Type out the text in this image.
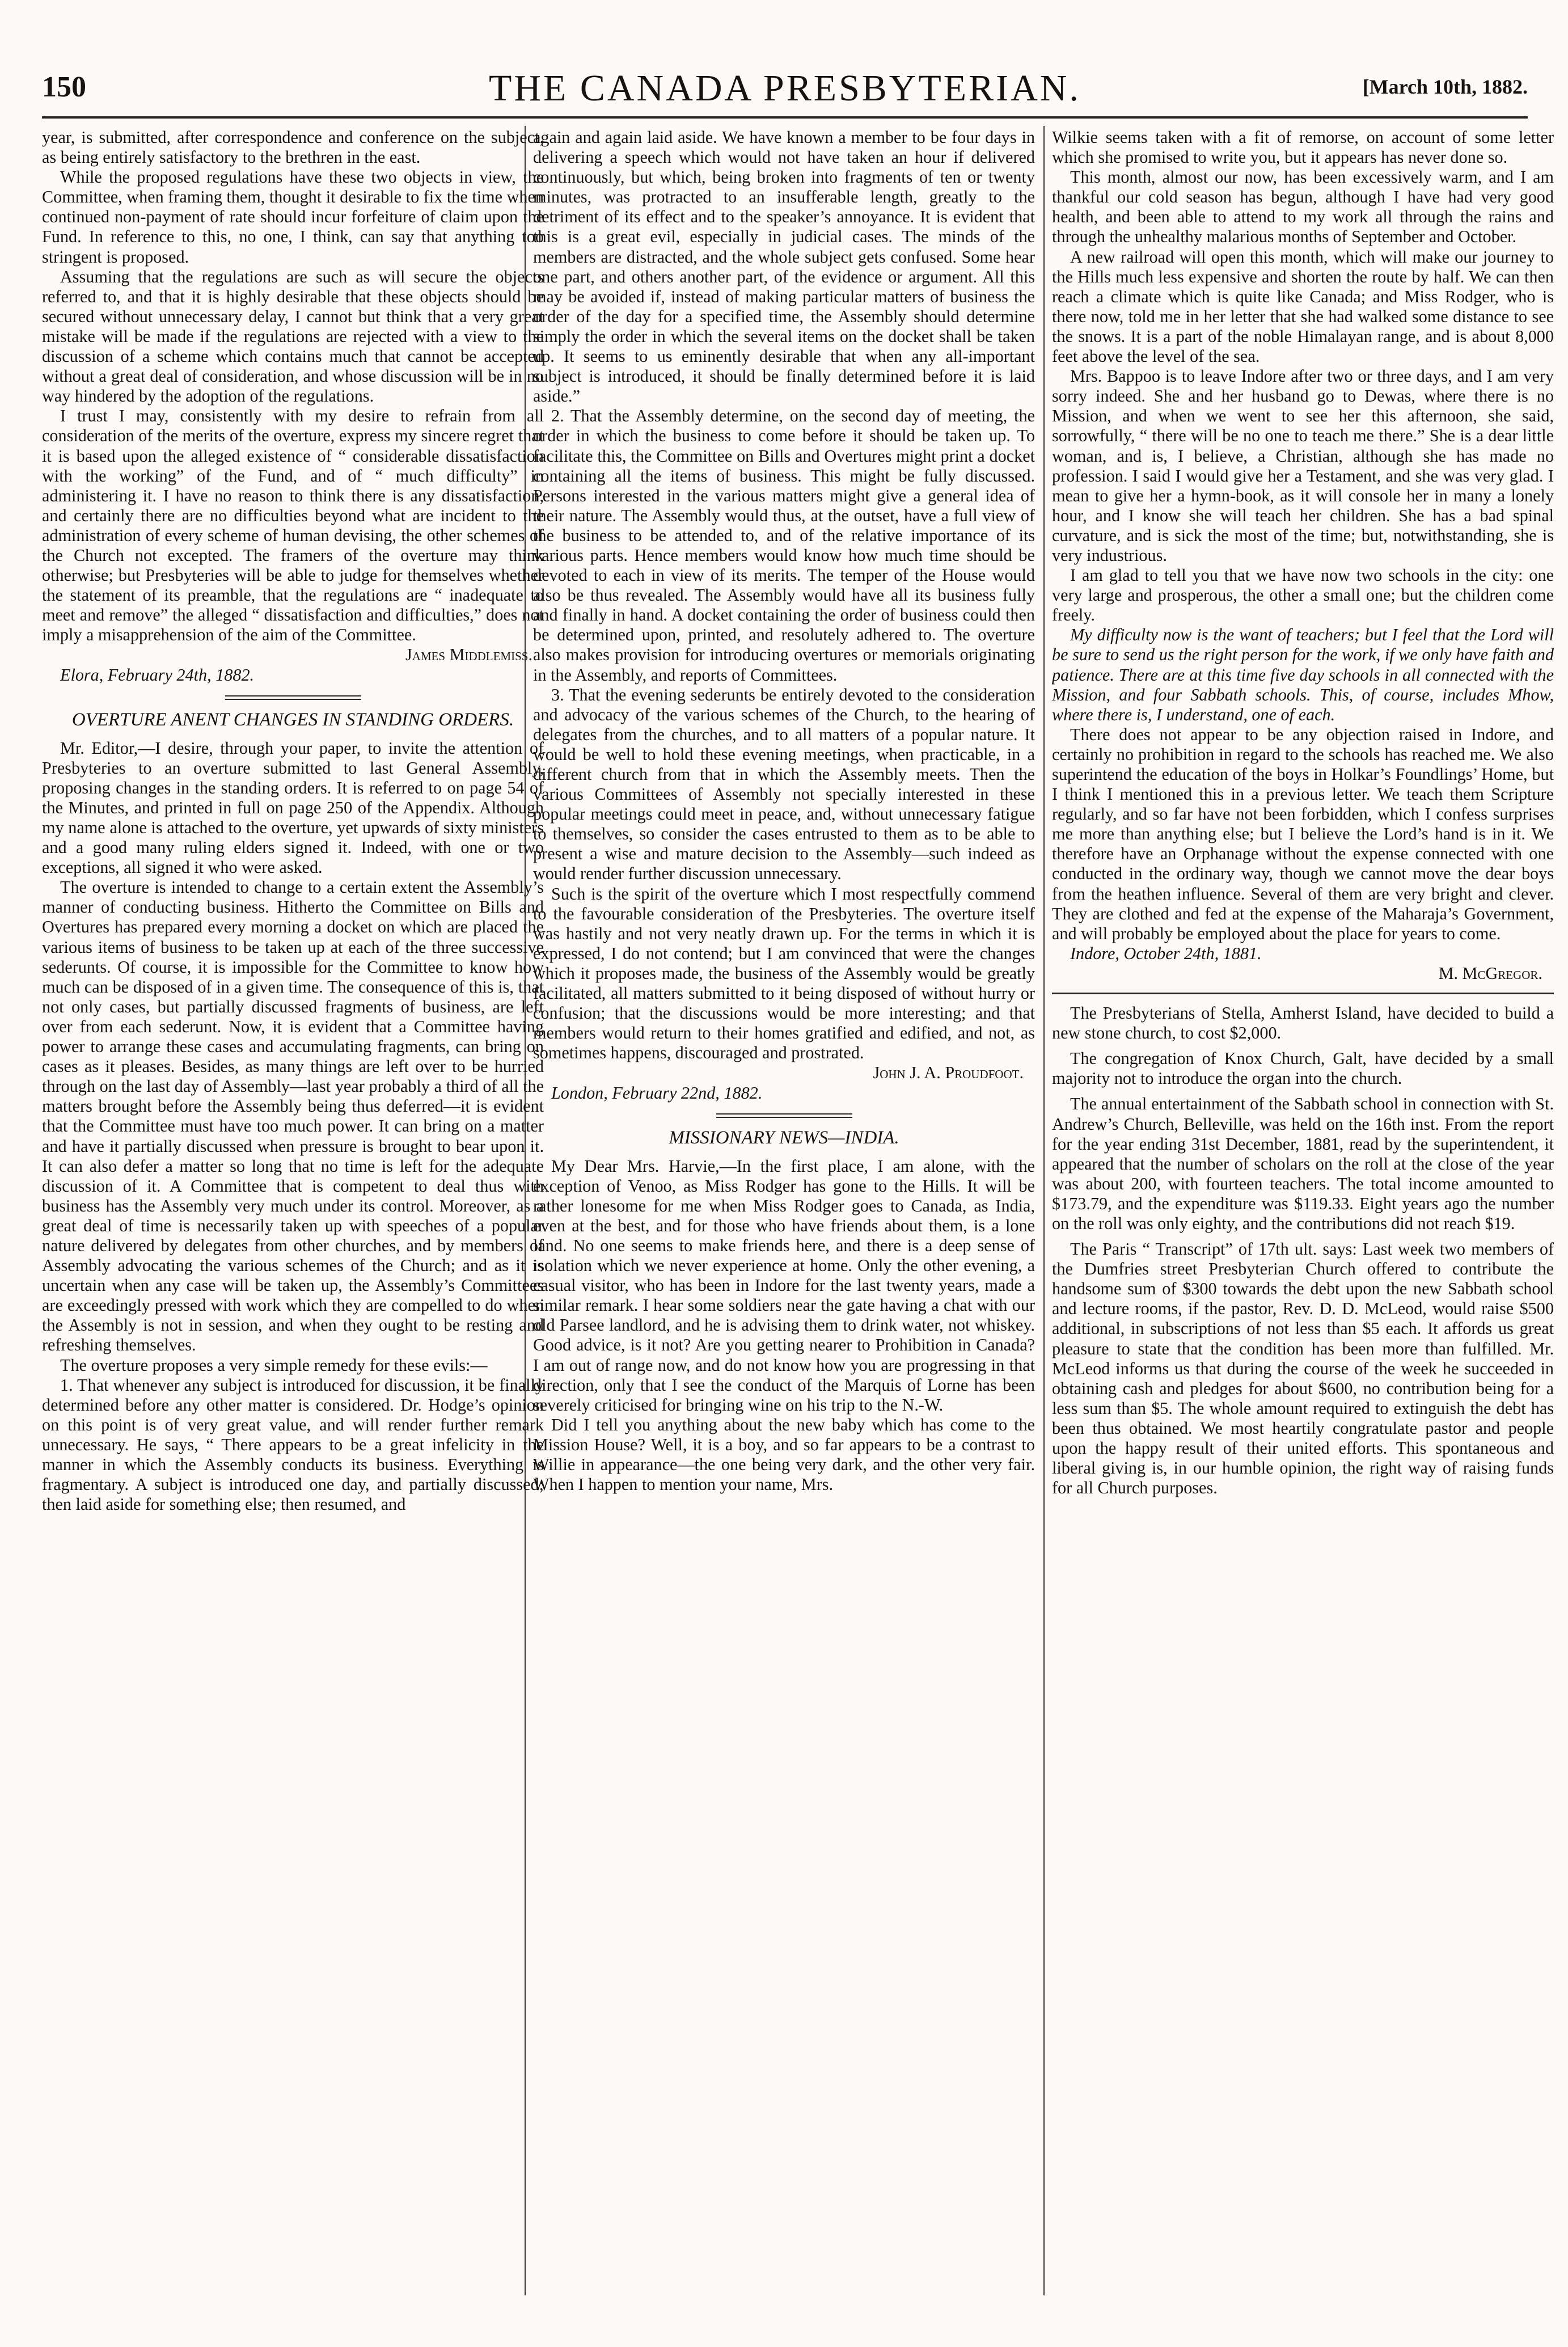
150	THE CANADA PRESBYTERIAN.	[March 10th, 1882.

year, is submitted, after correspondence and conference on the subject, as being entirely satisfactory to the brethren in the east.

While the proposed regulations have these two objects in view, the Committee, when framing them, thought it desirable to fix the time when continued non-payment of rate should incur forfeiture of claim upon the Fund. In reference to this, no one, I think, can say that anything too stringent is proposed.

Assuming that the regulations are such as will secure the objects referred to, and that it is highly desirable that these objects should be secured without unnecessary delay, I cannot but think that a very great mistake will be made if the regulations are rejected with a view to the discussion of a scheme which contains much that cannot be accepted without a great deal of consideration, and whose discussion will be in no way hindered by the adoption of the regulations.

I trust I may, consistently with my desire to refrain from all consideration of the merits of the overture, express my sincere regret that it is based upon the alleged existence of “ considerable dissatisfaction with the working” of the Fund, and of “ much difficulty” in administering it. I have no reason to think there is any dissatisfaction, and certainly there are no difficulties beyond what are incident to the administration of every scheme of human devising, the other schemes of the Church not excepted. The framers of the overture may think otherwise; but Presbyteries will be able to judge for themselves whether the statement of its preamble, that the regulations are “ inadequate to meet and remove” the alleged “ dissatisfaction and difficulties,” does not imply a misapprehension of the aim of the Committee.

James Middlemiss.

Elora, February 24th, 1882.

OVERTURE ANENT CHANGES IN STANDING ORDERS.

Mr. Editor,—I desire, through your paper, to invite the attention of Presbyteries to an overture submitted to last General Assembly, proposing changes in the standing orders. It is referred to on page 54 of the Minutes, and printed in full on page 250 of the Appendix. Although my name alone is attached to the overture, yet upwards of sixty ministers and a good many ruling elders signed it. Indeed, with one or two exceptions, all signed it who were asked.

The overture is intended to change to a certain extent the Assembly’s manner of conducting business. Hitherto the Committee on Bills and Overtures has prepared every morning a docket on which are placed the various items of business to be taken up at each of the three successive sederunts. Of course, it is impossible for the Committee to know how much can be disposed of in a given time. The consequence of this is, that not only cases, but partially discussed fragments of business, are left over from each sederunt. Now, it is evident that a Committee having power to arrange these cases and accumulating fragments, can bring on cases as it pleases. Besides, as many things are left over to be hurried through on the last day of Assembly—last year probably a third of all the matters brought before the Assembly being thus deferred—it is evident that the Committee must have too much power. It can bring on a matter and have it partially discussed when pressure is brought to bear upon it. It can also defer a matter so long that no time is left for the adequate discussion of it. A Committee that is competent to deal thus with business has the Assembly very much under its control. Moreover, as a great deal of time is necessarily taken up with speeches of a popular nature delivered by delegates from other churches, and by members of Assembly advocating the various schemes of the Church; and as it is uncertain when any case will be taken up, the Assembly’s Committees are exceedingly pressed with work which they are compelled to do when the Assembly is not in session, and when they ought to be resting and refreshing themselves.

The overture proposes a very simple remedy for these evils:—

1. That whenever any subject is introduced for discussion, it be finally determined before any other matter is considered. Dr. Hodge’s opinion on this point is of very great value, and will render further remark unnecessary. He says, “ There appears to be a great infelicity in the manner in which the Assembly conducts its business. Everything is fragmentary. A subject is introduced one day, and partially discussed; then laid aside for something else; then resumed, and

again and again laid aside. We have known a member to be four days in delivering a speech which would not have taken an hour if delivered continuously, but which, being broken into fragments of ten or twenty minutes, was protracted to an insufferable length, greatly to the detriment of its effect and to the speaker’s annoyance. It is evident that this is a great evil, especially in judicial cases. The minds of the members are distracted, and the whole subject gets confused. Some hear one part, and others another part, of the evidence or argument. All this may be avoided if, instead of making particular matters of business the order of the day for a specified time, the Assembly should determine simply the order in which the several items on the docket shall be taken up. It seems to us eminently desirable that when any all-important subject is introduced, it should be finally determined before it is laid aside.”

2. That the Assembly determine, on the second day of meeting, the order in which the business to come before it should be taken up. To facilitate this, the Committee on Bills and Overtures might print a docket containing all the items of business. This might be fully discussed. Persons interested in the various matters might give a general idea of their nature. The Assembly would thus, at the outset, have a full view of the business to be attended to, and of the relative importance of its various parts. Hence members would know how much time should be devoted to each in view of its merits. The temper of the House would also be thus revealed. The Assembly would have all its business fully and finally in hand. A docket containing the order of business could then be determined upon, printed, and resolutely adhered to. The overture also makes provision for introducing overtures or memorials originating in the Assembly, and reports of Committees.

3. That the evening sederunts be entirely devoted to the consideration and advocacy of the various schemes of the Church, to the hearing of delegates from the churches, and to all matters of a popular nature. It would be well to hold these evening meetings, when practicable, in a different church from that in which the Assembly meets. Then the various Committees of Assembly not specially interested in these popular meetings could meet in peace, and, without unnecessary fatigue to themselves, so consider the cases entrusted to them as to be able to present a wise and mature decision to the Assembly—such indeed as would render further discussion unnecessary.

Such is the spirit of the overture which I most respectfully commend to the favourable consideration of the Presbyteries. The overture itself was hastily and not very neatly drawn up. For the terms in which it is expressed, I do not contend; but I am convinced that were the changes which it proposes made, the business of the Assembly would be greatly facilitated, all matters submitted to it being disposed of without hurry or confusion; that the discussions would be more interesting; and that members would return to their homes gratified and edified, and not, as sometimes happens, discouraged and prostrated.

John J. A. Proudfoot.

London, February 22nd, 1882.

MISSIONARY NEWS—INDIA.

My Dear Mrs. Harvie,—In the first place, I am alone, with the exception of Venoo, as Miss Rodger has gone to the Hills. It will be rather lonesome for me when Miss Rodger goes to Canada, as India, even at the best, and for those who have friends about them, is a lone land. No one seems to make friends here, and there is a deep sense of isolation which we never experience at home. Only the other evening, a casual visitor, who has been in Indore for the last twenty years, made a similar remark. I hear some soldiers near the gate having a chat with our old Parsee landlord, and he is advising them to drink water, not whiskey. Good advice, is it not? Are you getting nearer to Prohibition in Canada? I am out of range now, and do not know how you are progressing in that direction, only that I see the conduct of the Marquis of Lorne has been severely criticised for bringing wine on his trip to the N.-W.

Did I tell you anything about the new baby which has come to the Mission House? Well, it is a boy, and so far appears to be a contrast to Willie in appearance—the one being very dark, and the other very fair. When I happen to mention your name, Mrs.

Wilkie seems taken with a fit of remorse, on account of some letter which she promised to write you, but it appears has never done so.

This month, almost our now, has been excessively warm, and I am thankful our cold season has begun, although I have had very good health, and been able to attend to my work all through the rains and through the unhealthy malarious months of September and October.

A new railroad will open this month, which will make our journey to the Hills much less expensive and shorten the route by half. We can then reach a climate which is quite like Canada; and Miss Rodger, who is there now, told me in her letter that she had walked some distance to see the snows. It is a part of the noble Himalayan range, and is about 8,000 feet above the level of the sea.

Mrs. Bappoo is to leave Indore after two or three days, and I am very sorry indeed. She and her husband go to Dewas, where there is no Mission, and when we went to see her this afternoon, she said, sorrowfully, “ there will be no one to teach me there.” She is a dear little woman, and is, I believe, a Christian, although she has made no profession. I said I would give her a Testament, and she was very glad. I mean to give her a hymn-book, as it will console her in many a lonely hour, and I know she will teach her children. She has a bad spinal curvature, and is sick the most of the time; but, notwithstanding, she is very industrious.

I am glad to tell you that we have now two schools in the city: one very large and prosperous, the other a small one; but the children come freely.

My difficulty now is the want of teachers; but I feel that the Lord will be sure to send us the right person for the work, if we only have faith and patience. There are at this time five day schools in all connected with the Mission, and four Sabbath schools. This, of course, includes Mhow, where there is, I understand, one of each.

There does not appear to be any objection raised in Indore, and certainly no prohibition in regard to the schools has reached me. We also superintend the education of the boys in Holkar’s Foundlings’ Home, but I think I mentioned this in a previous letter. We teach them Scripture regularly, and so far have not been forbidden, which I confess surprises me more than anything else; but I believe the Lord’s hand is in it. We therefore have an Orphanage without the expense connected with one conducted in the ordinary way, though we cannot move the dear boys from the heathen influence. Several of them are very bright and clever. They are clothed and fed at the expense of the Maharaja’s Government, and will probably be employed about the place for years to come.

Indore, October 24th, 1881.

M. McGregor.

The Presbyterians of Stella, Amherst Island, have decided to build a new stone church, to cost $2,000.

The congregation of Knox Church, Galt, have decided by a small majority not to introduce the organ into the church.

The annual entertainment of the Sabbath school in connection with St. Andrew’s Church, Belleville, was held on the 16th inst. From the report for the year ending 31st December, 1881, read by the superintendent, it appeared that the number of scholars on the roll at the close of the year was about 200, with fourteen teachers. The total income amounted to $173.79, and the expenditure was $119.33. Eight years ago the number on the roll was only eighty, and the contributions did not reach $19.

The Paris “ Transcript” of 17th ult. says: Last week two members of the Dumfries street Presbyterian Church offered to contribute the handsome sum of $300 towards the debt upon the new Sabbath school and lecture rooms, if the pastor, Rev. D. D. McLeod, would raise $500 additional, in subscriptions of not less than $5 each. It affords us great pleasure to state that the condition has been more than fulfilled. Mr. McLeod informs us that during the course of the week he succeeded in obtaining cash and pledges for about $600, no contribution being for a less sum than $5. The whole amount required to extinguish the debt has been thus obtained. We most heartily congratulate pastor and people upon the happy result of their united efforts. This spontaneous and liberal giving is, in our humble opinion, the right way of raising funds for all Church purposes.
